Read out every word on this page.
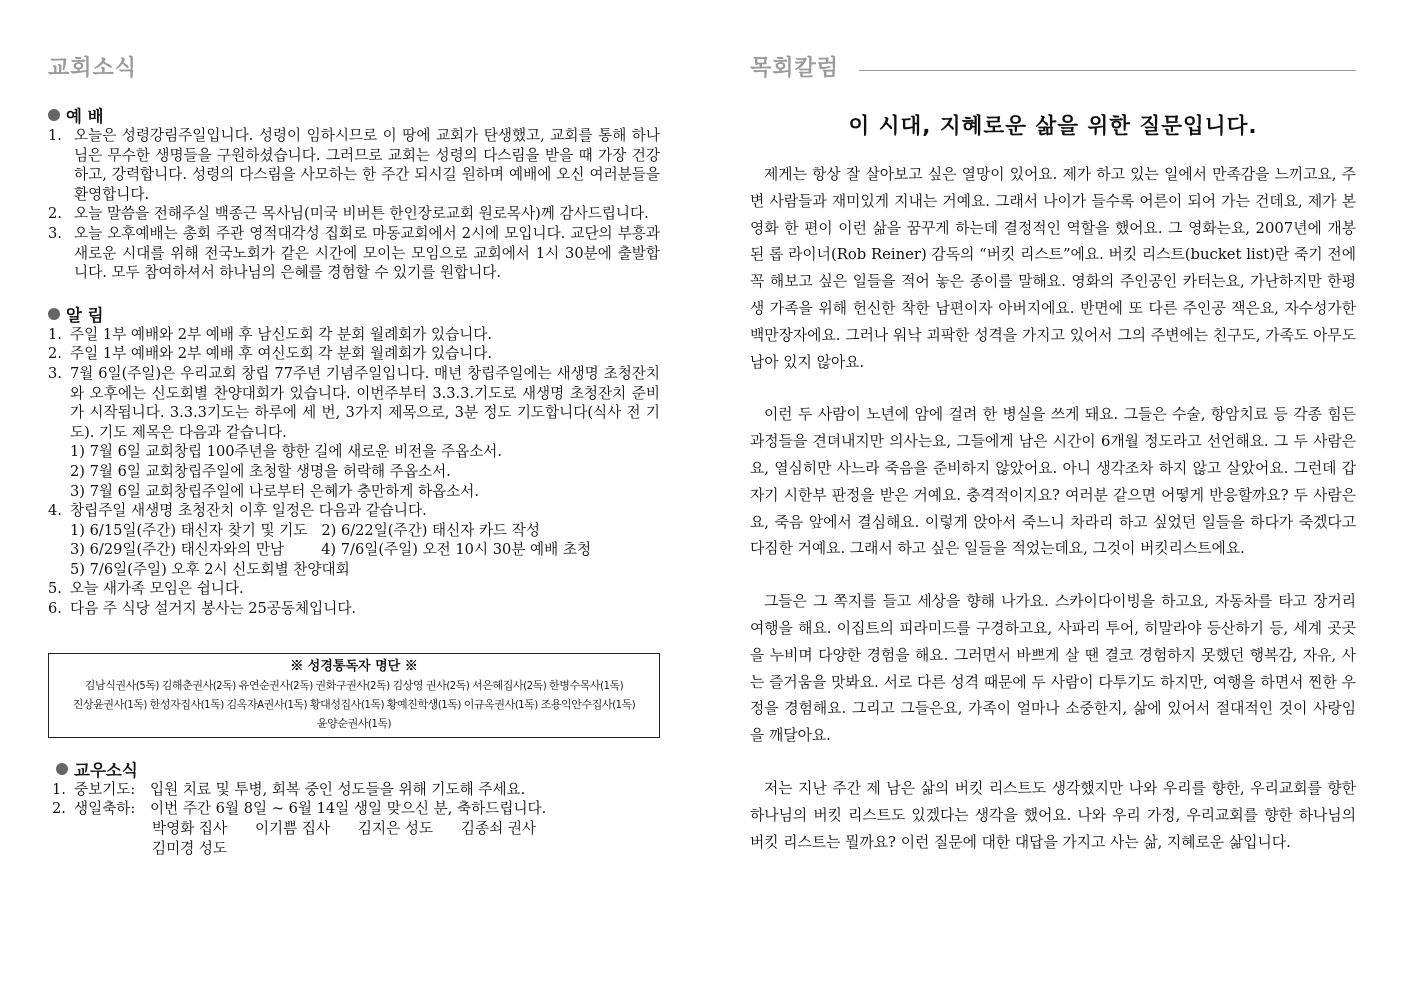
교회소식
예 배
1. 오늘은 성령강림주일입니다. 성령이 임하시므로 이 땅에 교회가 탄생했고, 교회를 통해 하나님은 무수한 생명들을 구원하셨습니다. 그러므로 교회는 성령의 다스림을 받을 때 가장 건강하고, 강력합니다. 성령의 다스림을 사모하는 한 주간 되시길 원하며 예배에 오신 여러분들을 환영합니다.
2. 오늘 말씀을 전해주실 백종근 목사님(미국 비버튼 한인장로교회 원로목사)께 감사드립니다.
3. 오늘 오후예배는 총회 주관 영적대각성 집회로 마동교회에서 2시에 모입니다. 교단의 부흥과 새로운 시대를 위해 전국노회가 같은 시간에 모이는 모임으로 교회에서 1시 30분에 출발합니다. 모두 참여하셔서 하나님의 은혜를 경험할 수 있기를 원합니다.
알 림
1. 주일 1부 예배와 2부 예배 후 남신도회 각 분회 월례회가 있습니다.
2. 주일 1부 예배와 2부 예배 후 여신도회 각 분회 월례회가 있습니다.
3. 7월 6일(주일)은 우리교회 창립 77주년 기념주일입니다. 매년 창립주일에는 새생명 초청잔치와 오후에는 신도회별 찬양대회가 있습니다. 이번주부터 3.3.3.기도로 새생명 초청잔치 준비가 시작됩니다. 3.3.3기도는 하루에 세 번, 3가지 제목으로, 3분 정도 기도합니다(식사 전 기도). 기도 제목은 다음과 같습니다.
1) 7월 6일 교회창립 100주년을 향한 길에 새로운 비전을 주옵소서.
2) 7월 6일 교회창립주일에 초청할 생명을 허락해 주옵소서.
3) 7월 6일 교회창립주일에 나로부터 은혜가 충만하게 하옵소서.
4. 창립주일 새생명 초청잔치 이후 일정은 다음과 같습니다.
1) 6/15일(주간) 태신자 찾기 및 기도   2) 6/22일(주간) 태신자 카드 작성
3) 6/29일(주간) 태신자와의 만남        4) 7/6일(주일) 오전 10시 30분 예배 초청
5) 7/6일(주일) 오후 2시 신도회별 찬양대회
5. 오늘 새가족 모임은 쉽니다.
6. 다음 주 식당 설거지 봉사는 25공동체입니다.
※ 성경통독자 명단 ※
김남식권사(5독) 김해춘권사(2독) 유연순권사(2독) 권화구권사(2독) 김상영 권사(2독) 서은혜집사(2독) 한병수목사(1독)
진상윤권사(1독) 한성자집사(1독) 김옥자A권사(1독) 황대성집사(1독) 황예진학생(1독) 이규옥권사(1독) 조용익안수집사(1독)
윤양순권사(1독)
교우소식
1. 중보기도:	입원 치료 및 투병, 회복 중인 성도들을 위해 기도해 주세요.
2. 생일축하:	이번 주간 6월 8일 ~ 6월 14일 생일 맞으신 분, 축하드립니다.
박영화 집사      이기쁨 집사      김지은 성도      김종쇠 권사
김미경 성도
목회칼럼
이 시대, 지혜로운 삶을 위한 질문입니다.

제게는 항상 잘 살아보고 싶은 열망이 있어요. 제가 하고 있는 일에서 만족감을 느끼고요, 주변 사람들과 재미있게 지내는 거예요. 그래서 나이가 들수록 어른이 되어 가는 건데요, 제가 본 영화 한 편이 이런 삶을 꿈꾸게 하는데 결정적인 역할을 했어요. 그 영화는요, 2007년에 개봉된 롭 라이너(Rob Reiner) 감독의 “버킷 리스트”에요. 버킷 리스트(bucket list)란 죽기 전에 꼭 해보고 싶은 일들을 적어 놓은 종이를 말해요. 영화의 주인공인 카터는요, 가난하지만 한평생 가족을 위해 헌신한 착한 남편이자 아버지에요. 반면에 또 다른 주인공 잭은요, 자수성가한 백만장자에요. 그러나 워낙 괴팍한 성격을 가지고 있어서 그의 주변에는 친구도, 가족도 아무도 남아 있지 않아요.

이런 두 사람이 노년에 암에 걸려 한 병실을 쓰게 돼요. 그들은 수술, 항암치료 등 각종 힘든 과정들을 견뎌내지만 의사는요, 그들에게 남은 시간이 6개월 정도라고 선언해요. 그 두 사람은요, 열심히만 사느라 죽음을 준비하지 않았어요. 아니 생각조차 하지 않고 살았어요. 그런데 갑자기 시한부 판정을 받은 거예요. 충격적이지요? 여러분 같으면 어떻게 반응할까요? 두 사람은요, 죽음 앞에서 결심해요. 이렇게 앉아서 죽느니 차라리 하고 싶었던 일들을 하다가 죽겠다고 다짐한 거예요. 그래서 하고 싶은 일들을 적었는데요, 그것이 버킷리스트에요.

그들은 그 쪽지를 들고 세상을 향해 나가요. 스카이다이빙을 하고요, 자동차를 타고 장거리 여행을 해요. 이집트의 피라미드를 구경하고요, 사파리 투어, 히말라야 등산하기 등, 세계 곳곳을 누비며 다양한 경험을 해요. 그러면서 바쁘게 살 땐 결코 경험하지 못했던 행복감, 자유, 사는 즐거움을 맛봐요. 서로 다른 성격 때문에 두 사람이 다투기도 하지만, 여행을 하면서 찐한 우정을 경험해요. 그리고 그들은요, 가족이 얼마나 소중한지, 삶에 있어서 절대적인 것이 사랑임을 깨달아요.

저는 지난 주간 제 남은 삶의 버킷 리스트도 생각했지만 나와 우리를 향한, 우리교회를 향한 하나님의 버킷 리스트도 있겠다는 생각을 했어요. 나와 우리 가정, 우리교회를 향한 하나님의 버킷 리스트는 뭘까요? 이런 질문에 대한 대답을 가지고 사는 삶, 지혜로운 삶입니다.
